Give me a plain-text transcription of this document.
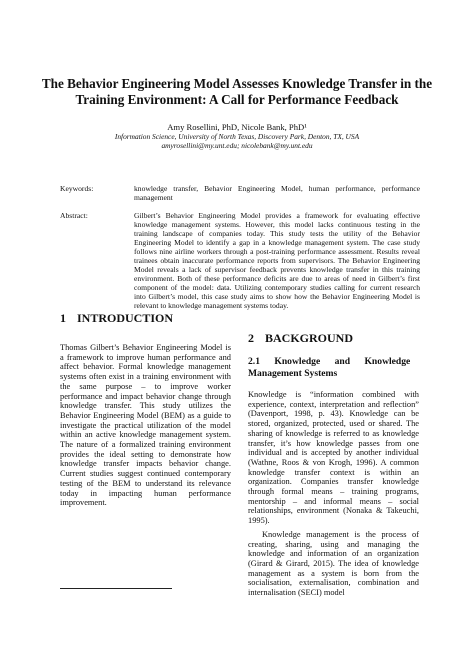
The Behavior Engineering Model Assesses Knowledge Transfer in the Training Environment: A Call for Performance Feedback
Amy Rosellini, PhD, Nicole Bank, PhD¹
Information Science, University of North Texas, Discovery Park, Denton, TX, USA
amyrosellini@my.unt.edu; nicolebank@my.unt.edu
Keywords:	knowledge transfer, Behavior Engineering Model, human performance, performance management
Abstract:	Gilbert’s Behavior Engineering Model provides a framework for evaluating effective knowledge management systems. However, this model lacks continuous testing in the training landscape of companies today. This study tests the utility of the Behavior Engineering Model to identify a gap in a knowledge management system. The case study follows nine airline workers through a post-training performance assessment. Results reveal trainees obtain inaccurate performance reports from supervisors. The Behavior Engineering Model reveals a lack of supervisor feedback prevents knowledge transfer in this training environment. Both of these performance deficits are due to areas of need in Gilbert’s first component of the model: data. Utilizing contemporary studies calling for current research into Gilbert’s model, this case study aims to show how the Behavior Engineering Model is relevant to knowledge management systems today.
1 INTRODUCTION

Thomas Gilbert’s Behavior Engineering Model is a framework to improve human performance and affect behavior. Formal knowledge management systems often exist in a training environment with the same purpose – to improve worker performance and impact behavior change through knowledge transfer. This study utilizes the Behavior Engineering Model (BEM) as a guide to investigate the practical utilization of the model within an active knowledge management system. The nature of a formalized training environment provides the ideal setting to demonstrate how knowledge transfer impacts behavior change. Current studies suggest continued contemporary testing of the BEM to understand its relevance today in impacting human performance improvement.

2 BACKGROUND
2.1      Knowledge      and      Knowledge Management Systems

Knowledge is “information combined with experience, context, interpretation and reflection” (Davenport, 1998, p. 43). Knowledge can be stored, organized, protected, used or shared. The sharing of knowledge is referred to as knowledge transfer, it’s how knowledge passes from one individual and is accepted by another individual (Wathne, Roos & von Krogh, 1996). A common knowledge transfer context is within an organization. Companies transfer knowledge through formal means – training programs, mentorship – and informal means – social relationships, environment (Nonaka & Takeuchi, 1995).

Knowledge management is the process of creating, sharing, using and managing the knowledge and information of an organization (Girard & Girard, 2015). The idea of knowledge management as a system is born from the socialisation, externalisation, combination and internalisation (SECI) model
